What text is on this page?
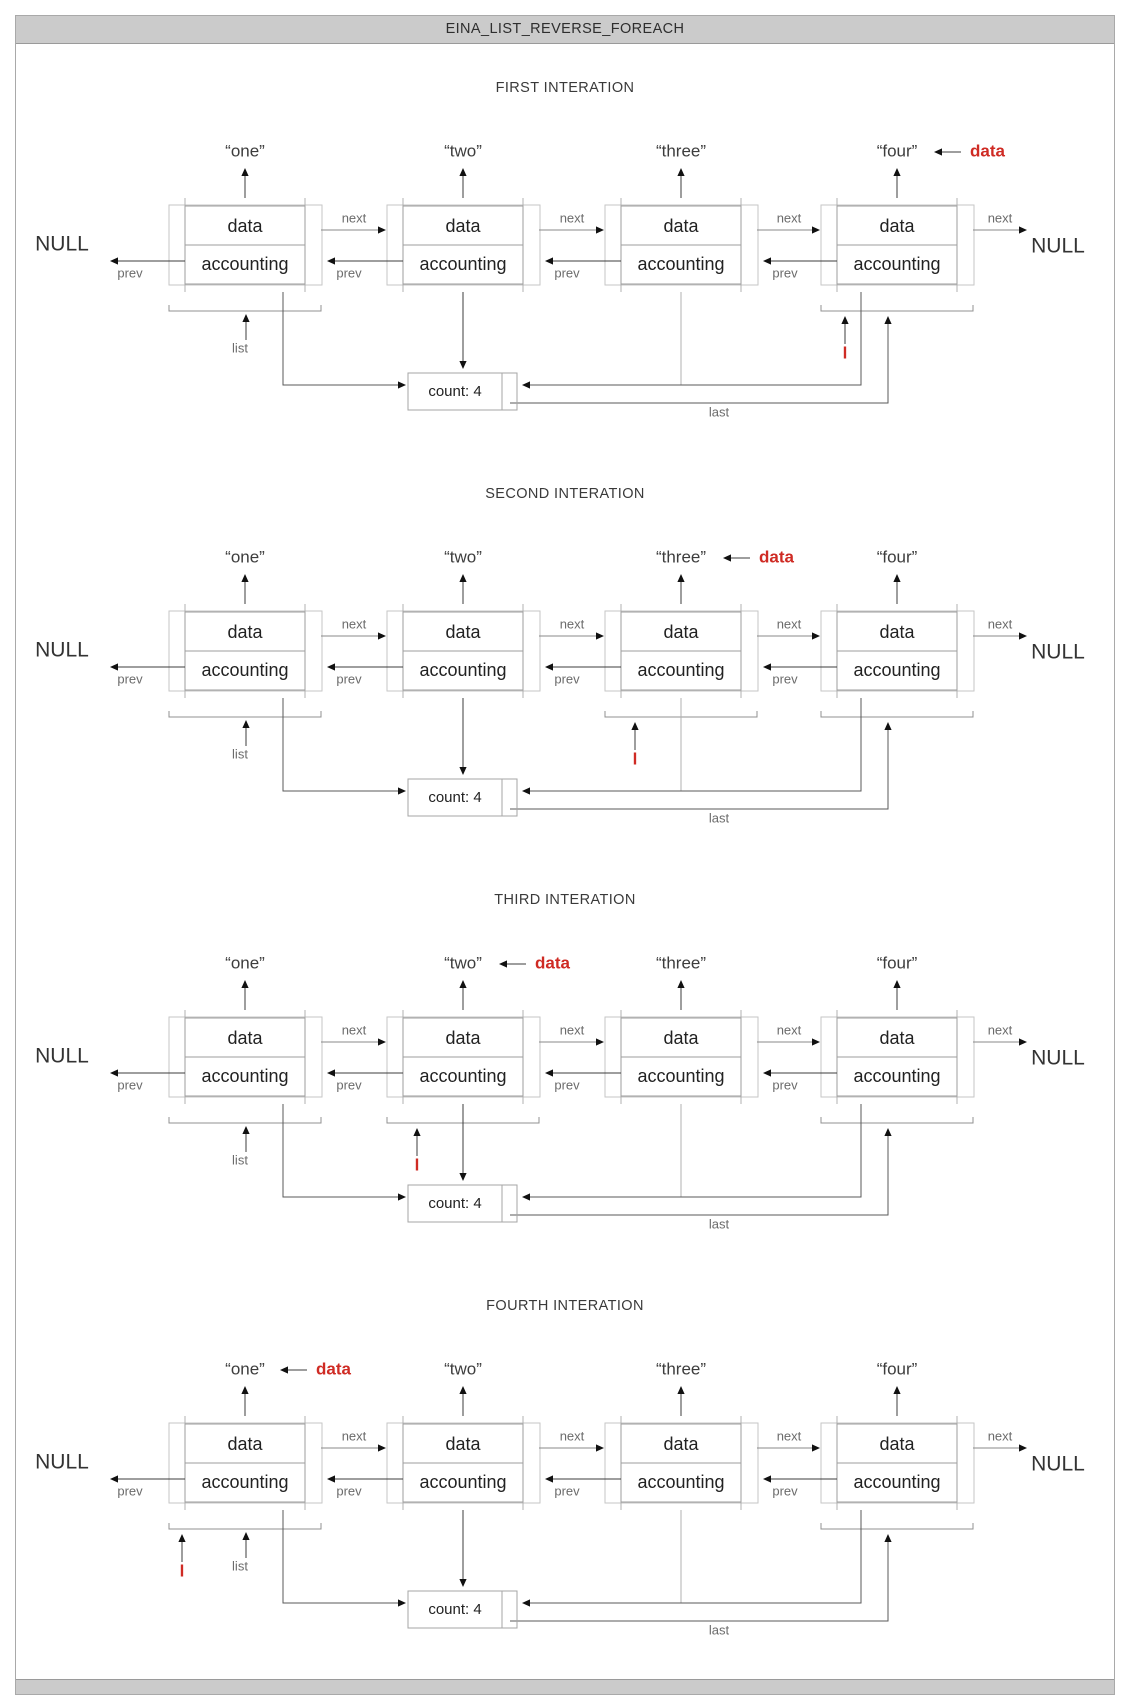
EINA_LIST_REVERSE_FOREACH
FIRST INTERATION
SECOND INTERATION
THIRD INTERATION
FOURTH INTERATION
NULL	NULL
“one”
data
accounting
next
prev
“two”
data
accounting
next
prev
“three”
data
accounting
next
prev
“four”
data
accounting
next
prev
data
list
last
count: 4
l
NULL	NULL
“one”
data
accounting
next
prev
“two”
data
accounting
next
prev
“three”
data
accounting
next
prev
“four”
data
accounting
next
prev
data
list
last
count: 4
l
NULL	NULL
“one”
data
accounting
next
prev
“two”
data
accounting
next
prev
“three”
data
accounting
next
prev
“four”
data
accounting
next
prev
data
list
last
count: 4
l
NULL	NULL
“one”
data
accounting
next
prev
“two”
data
accounting
next
prev
“three”
data
accounting
next
prev
“four”
data
accounting
next
prev
data
list
last
count: 4
l
